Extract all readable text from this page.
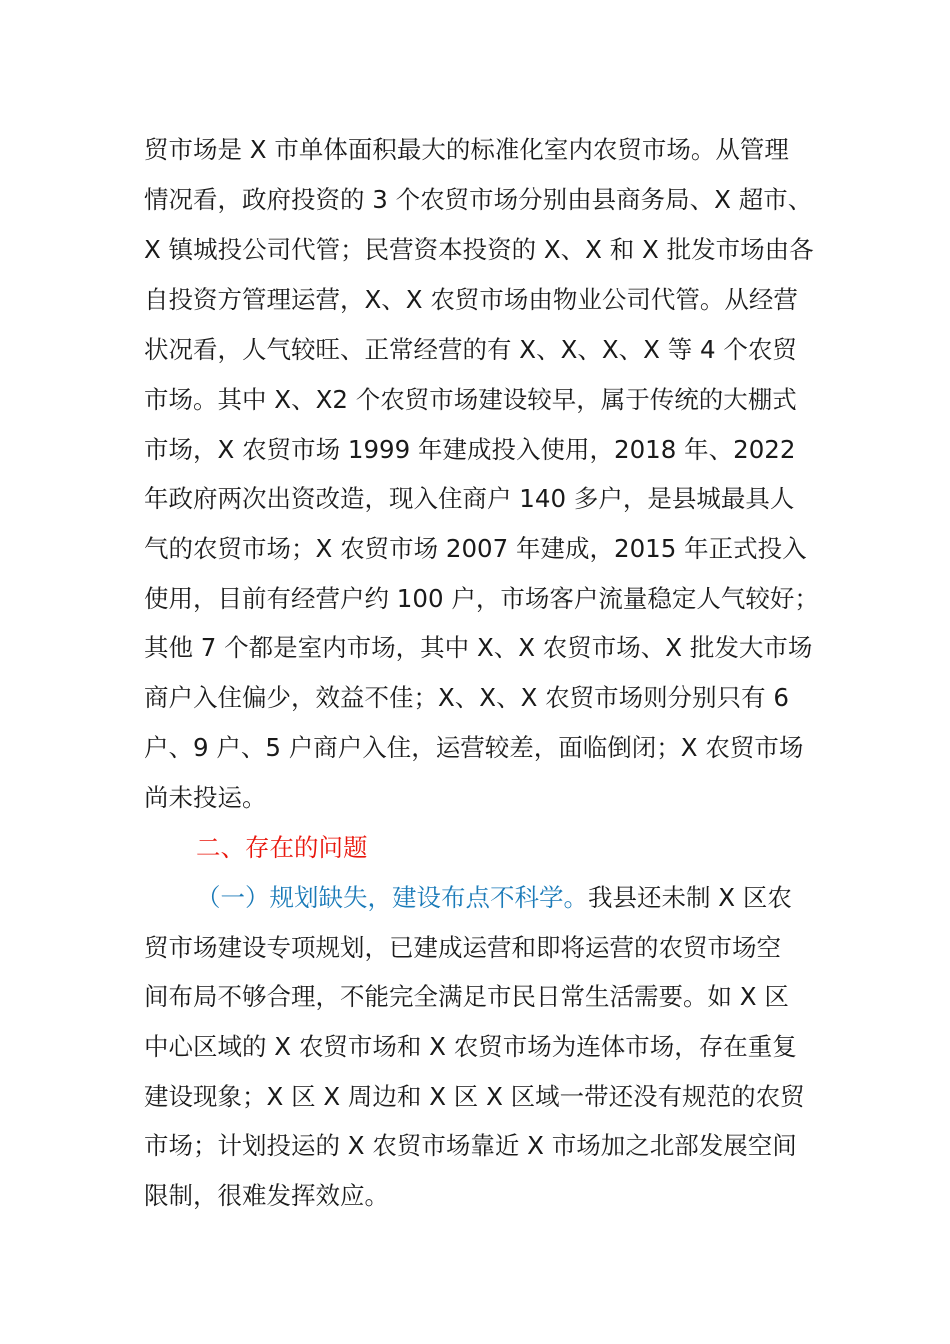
贸市场是 X 市单体面积最大的标准化室内农贸市场。从管理
情况看，政府投资的 3 个农贸市场分别由县商务局、X 超市、
X 镇城投公司代管；民营资本投资的 X、X 和 X 批发市场由各
自投资方管理运营，X、X 农贸市场由物业公司代管。从经营
状况看，人气较旺、正常经营的有 X、X、X、X 等 4 个农贸
市场。其中 X、X2 个农贸市场建设较早，属于传统的大棚式
市场，X 农贸市场 1999 年建成投入使用，2018 年、2022
年政府两次出资改造，现入住商户 140 多户，是县城最具人
气的农贸市场；X 农贸市场 2007 年建成，2015 年正式投入
使用，目前有经营户约 100 户，市场客户流量稳定人气较好；
其他 7 个都是室内市场，其中 X、X 农贸市场、X 批发大市场
商户入住偏少，效益不佳；X、X、X 农贸市场则分别只有 6
户、9 户、5 户商户入住，运营较差，面临倒闭；X 农贸市场
尚未投运。
二、存在的问题
（一）规划缺失，建设布点不科学。我县还未制 X 区农
贸市场建设专项规划，已建成运营和即将运营的农贸市场空
间布局不够合理，不能完全满足市民日常生活需要。如 X 区
中心区域的 X 农贸市场和 X 农贸市场为连体市场，存在重复
建设现象；X 区 X 周边和 X 区 X 区域一带还没有规范的农贸
市场；计划投运的 X 农贸市场靠近 X 市场加之北部发展空间
限制，很难发挥效应。
